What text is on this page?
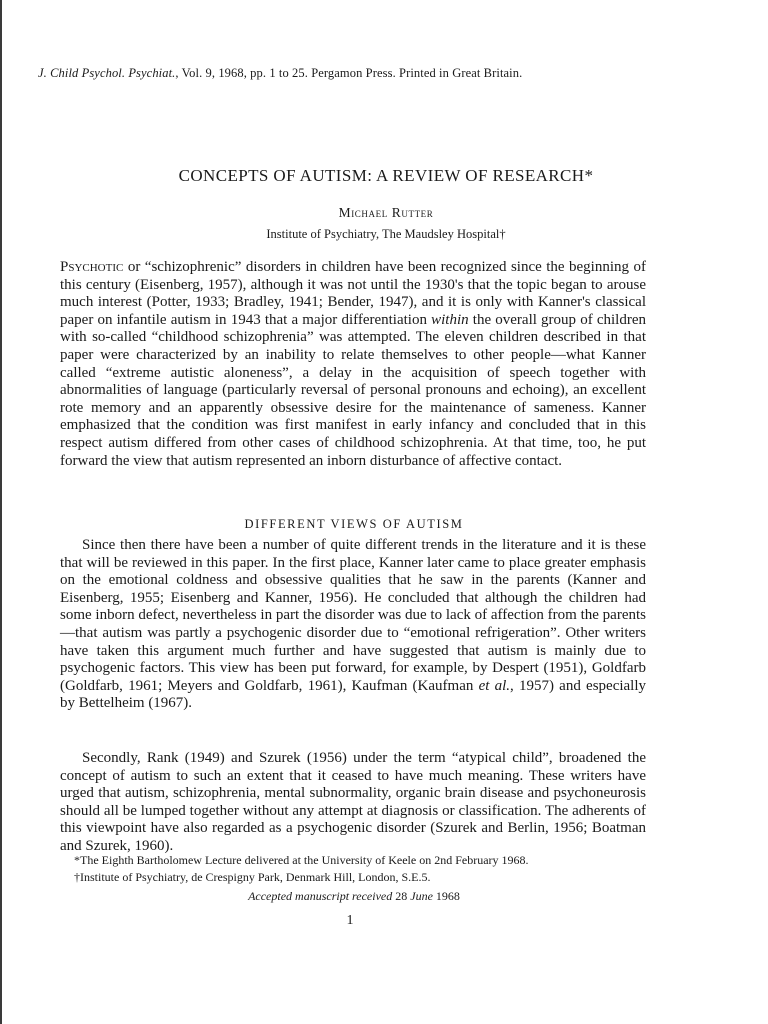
J. Child Psychol. Psychiat., Vol. 9, 1968, pp. 1 to 25. Pergamon Press. Printed in Great Britain.
CONCEPTS OF AUTISM: A REVIEW OF RESEARCH*
Michael Rutter
Institute of Psychiatry, The Maudsley Hospital†

Psychotic or “schizophrenic” disorders in children have been recognized since the beginning of this century (Eisenberg, 1957), although it was not until the 1930's that the topic began to arouse much interest (Potter, 1933; Bradley, 1941; Bender, 1947), and it is only with Kanner's classical paper on infantile autism in 1943 that a major differentiation within the overall group of children with so-called “childhood schizophrenia” was attempted. The eleven children described in that paper were characterized by an inability to relate themselves to other people—what Kanner called “extreme autistic aloneness”, a delay in the acquisition of speech together with abnormalities of language (particularly reversal of personal pronouns and echoing), an excellent rote memory and an apparently obsessive desire for the maintenance of sameness. Kanner emphasized that the condition was first manifest in early infancy and concluded that in this respect autism differed from other cases of childhood schizophrenia. At that time, too, he put forward the view that autism represented an inborn disturbance of affective contact.

DIFFERENT VIEWS OF AUTISM

Since then there have been a number of quite different trends in the literature and it is these that will be reviewed in this paper. In the first place, Kanner later came to place greater emphasis on the emotional coldness and obsessive qualities that he saw in the parents (Kanner and Eisenberg, 1955; Eisenberg and Kanner, 1956). He concluded that although the children had some inborn defect, nevertheless in part the disorder was due to lack of affection from the parents—that autism was partly a psychogenic disorder due to “emotional refrigeration”. Other writers have taken this argument much further and have suggested that autism is mainly due to psychogenic factors. This view has been put forward, for example, by Despert (1951), Goldfarb (Goldfarb, 1961; Meyers and Goldfarb, 1961), Kaufman (Kaufman et al., 1957) and especially by Bettelheim (1967).

Secondly, Rank (1949) and Szurek (1956) under the term “atypical child”, broadened the concept of autism to such an extent that it ceased to have much meaning. These writers have urged that autism, schizophrenia, mental subnormality, organic brain disease and psychoneurosis should all be lumped together without any attempt at diagnosis or classification. The adherents of this viewpoint have also regarded as a psychogenic disorder (Szurek and Berlin, 1956; Boatman and Szurek, 1960).

*The Eighth Bartholomew Lecture delivered at the University of Keele on 2nd February 1968.

†Institute of Psychiatry, de Crespigny Park, Denmark Hill, London, S.E.5.

Accepted manuscript received 28 June 1968
1
